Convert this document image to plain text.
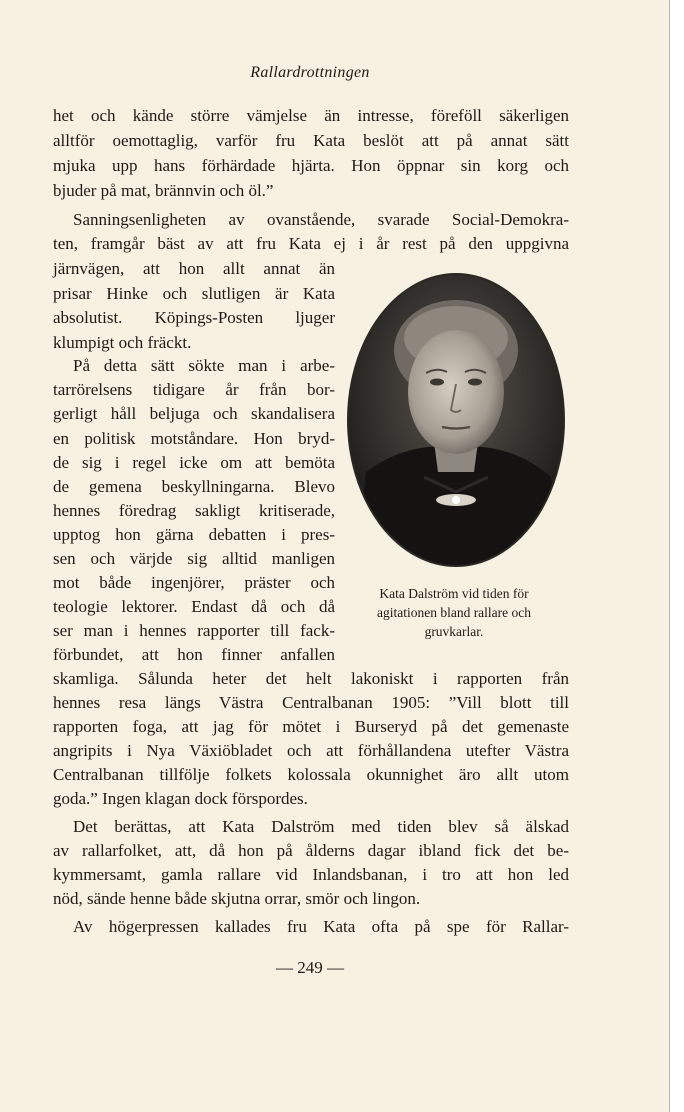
Rallardrottningen
het och kände större vämjelse än intresse, föreföll säkerligen
alltför oemottaglig, varför fru Kata beslöt att på annat sätt
mjuka upp hans förhärdade hjärta. Hon öppnar sin korg och
bjuder på mat, brännvin och öl.”
Sanningsenligheten av ovanstående, svarade Social-Demokra-
ten, framgår bäst av att fru Kata ej i år rest på den uppgivna
järnvägen, att hon allt annat än
prisar Hinke och slutligen är Kata
absolutist. Köpings-Posten ljuger
klumpigt och fräckt.
På detta sätt sökte man i arbe-
tarrörelsens tidigare år från bor-
gerligt håll beljuga och skandalisera
en politisk motståndare. Hon bryd-
de sig i regel icke om att bemöta
de gemena beskyllningarna. Blevo
hennes föredrag sakligt kritiserade,
upptog hon gärna debatten i pres-
sen och värjde sig alltid manligen
mot både ingenjörer, präster och
teologie lektorer. Endast då och då
ser man i hennes rapporter till fack-
förbundet, att hon finner anfallen
skamliga. Sålunda heter det helt lakoniskt i rapporten från
hennes resa längs Västra Centralbanan 1905: ”Vill blott till
rapporten foga, att jag för mötet i Burseryd på det gemenaste
angripits i Nya Växiöbladet och att förhållandena utefter Västra
Centralbanan tillfölje folkets kolossala okunnighet äro allt utom
goda.” Ingen klagan dock förspordes.
Det berättas, att Kata Dalström med tiden blev så älskad
av rallarfolket, att, då hon på ålderns dagar ibland fick det be-
kymmersamt, gamla rallare vid Inlandsbanan, i tro att hon led
nöd, sände henne både skjutna orrar, smör och lingon.
Av högerpressen kallades fru Kata ofta på spe för Rallar-
Kata Dalström vid tiden för
agitationen bland rallare och
gruvkarlar.
— 249 —
